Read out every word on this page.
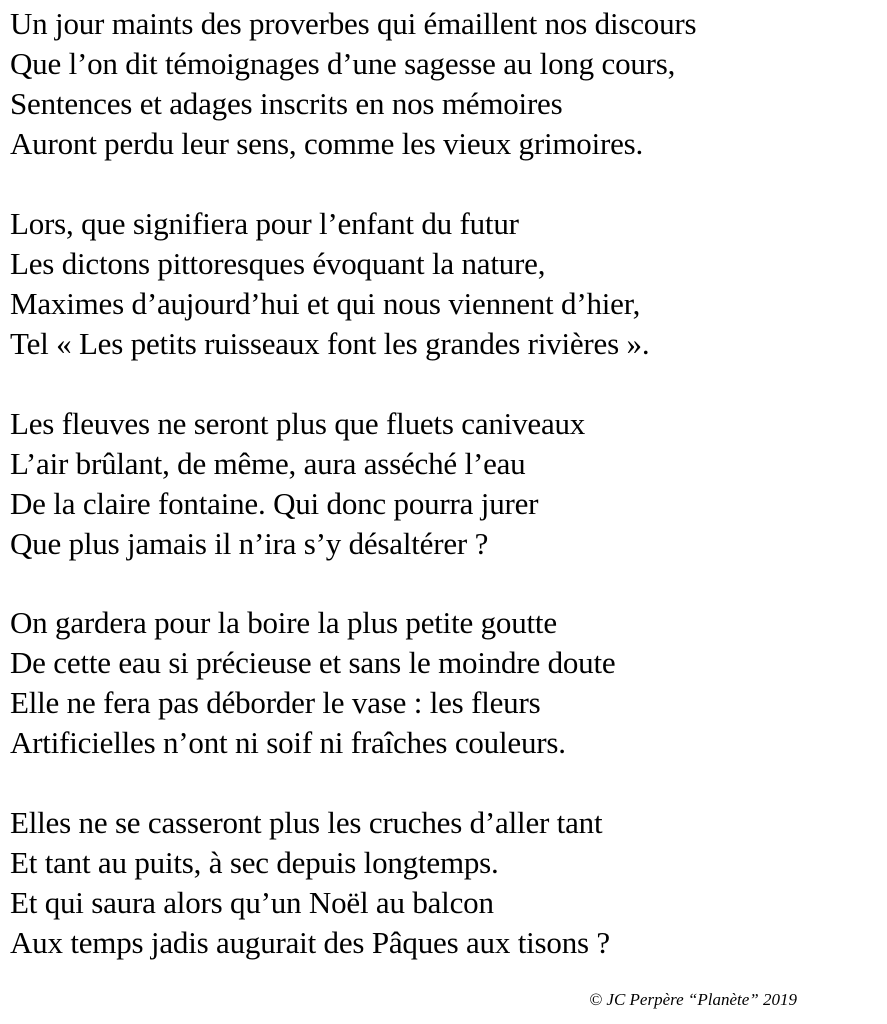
Un jour maints des proverbes qui émaillent nos discours
Que l’on dit témoignages d’une sagesse au long cours,
Sentences et adages inscrits en nos mémoires
Auront perdu leur sens, comme les vieux grimoires.
Lors, que signifiera pour l’enfant du futur
Les dictons pittoresques évoquant la nature,
Maximes d’aujourd’hui et qui nous viennent d’hier,
Tel « Les petits ruisseaux font les grandes rivières ».
Les fleuves ne seront plus que fluets caniveaux
L’air brûlant, de même, aura asséché l’eau
De la claire fontaine. Qui donc pourra jurer
Que plus jamais il n’ira s’y désaltérer ?
On gardera pour la boire la plus petite goutte
De cette eau si précieuse et sans le moindre doute
Elle ne fera pas déborder le vase : les fleurs
Artificielles n’ont ni soif ni fraîches couleurs.
Elles ne se casseront plus les cruches d’aller tant
Et tant au puits, à sec depuis longtemps.
Et qui saura alors qu’un Noël au balcon
Aux temps jadis augurait des Pâques aux tisons ?
© JC Perpère “Planète” 2019
